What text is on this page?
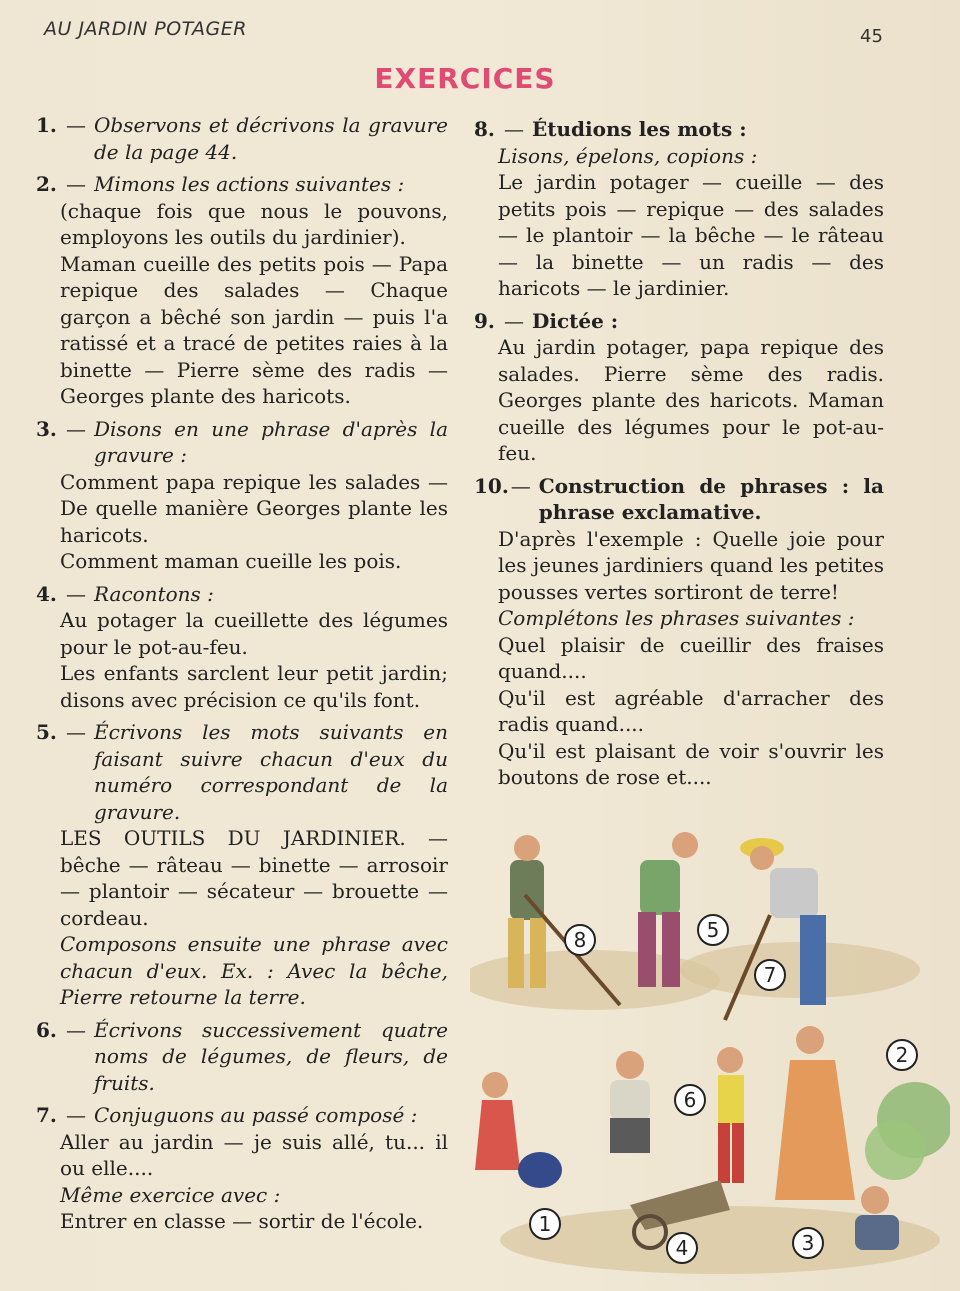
AU JARDIN POTAGER	45
EXERCICES
1. — Observons et décrivons la gravure de la page 44.
2. — Mimons les actions suivantes :

(chaque fois que nous le pouvons, employons les outils du jardinier).

Maman cueille des petits pois — Papa repique des salades — Chaque garçon a bêché son jardin — puis l'a ratissé et a tracé de petites raies à la binette — Pierre sème des radis — Georges plante des haricots.

3. — Disons en une phrase d'après la gravure :

Comment papa repique les salades — De quelle manière Georges plante les haricots.

Comment maman cueille les pois.

4. — Racontons :

Au potager la cueillette des légumes pour le pot-au-feu.

Les enfants sarclent leur petit jardin; disons avec précision ce qu'ils font.

5. — Écrivons les mots suivants en faisant suivre chacun d'eux du numéro correspondant de la gravure.

LES OUTILS DU JARDINIER. — bêche — râteau — binette — arrosoir — plantoir — sécateur — brouette — cordeau.

Composons ensuite une phrase avec chacun d'eux. Ex. : Avec la bêche, Pierre retourne la terre.

6. — Écrivons successivement quatre noms de légumes, de fleurs, de fruits.
7. — Conjuguons au passé composé :

Aller au jardin — je suis allé, tu... il ou elle....

Même exercice avec :

Entrer en classe — sortir de l'école.

8. — Étudions les mots :

Lisons, épelons, copions :

Le jardin potager — cueille — des petits pois — repique — des salades — le plantoir — la bêche — le râteau — la binette — un radis — des haricots — le jardinier.

9. — Dictée :

Au jardin potager, papa repique des salades. Pierre sème des radis. Georges plante des haricots. Maman cueille des légumes pour le pot-au-feu.

10. — Construction de phrases : la phrase exclamative.

D'après l'exemple : Quelle joie pour les jeunes jardiniers quand les petites pousses vertes sortiront de terre!

Complétons les phrases suivantes :

Quel plaisir de cueillir des fraises quand....

Qu'il est agréable d'arracher des radis quand....

Qu'il est plaisant de voir s'ouvrir les boutons de rose et....

8	5
7
2
6
1
4	3
